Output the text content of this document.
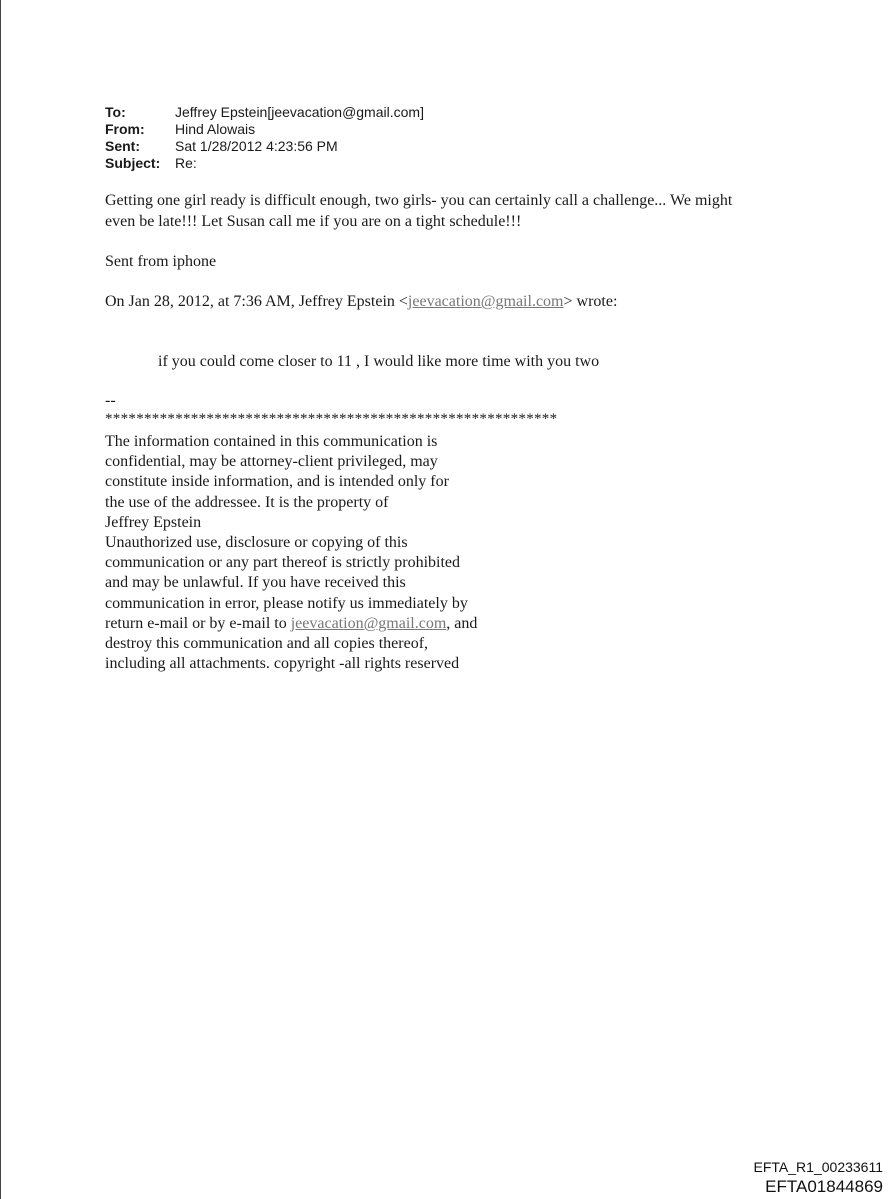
To:	Jeffrey Epstein[jeevacation@gmail.com]
From:	Hind Alowais
Sent:	Sat 1/28/2012 4:23:56 PM
Subject:	Re:
Getting one girl ready is difficult enough, two girls- you can certainly call a challenge... We might
even be late!!! Let Susan call me if you are on a tight schedule!!!
Sent from iphone
On Jan 28, 2012, at 7:36 AM, Jeffrey Epstein <jeevacation@gmail.com> wrote:
if you could come closer to 11 , I would like more time with you two
--
**********************************************************
The information contained in this communication is
confidential, may be attorney-client privileged, may
constitute inside information, and is intended only for
the use of the addressee. It is the property of
Jeffrey Epstein
Unauthorized use, disclosure or copying of this
communication or any part thereof is strictly prohibited
and may be unlawful. If you have received this
communication in error, please notify us immediately by
return e-mail or by e-mail to jeevacation@gmail.com, and
destroy this communication and all copies thereof,
including all attachments. copyright -all rights reserved
EFTA_R1_00233611
EFTA01844869
